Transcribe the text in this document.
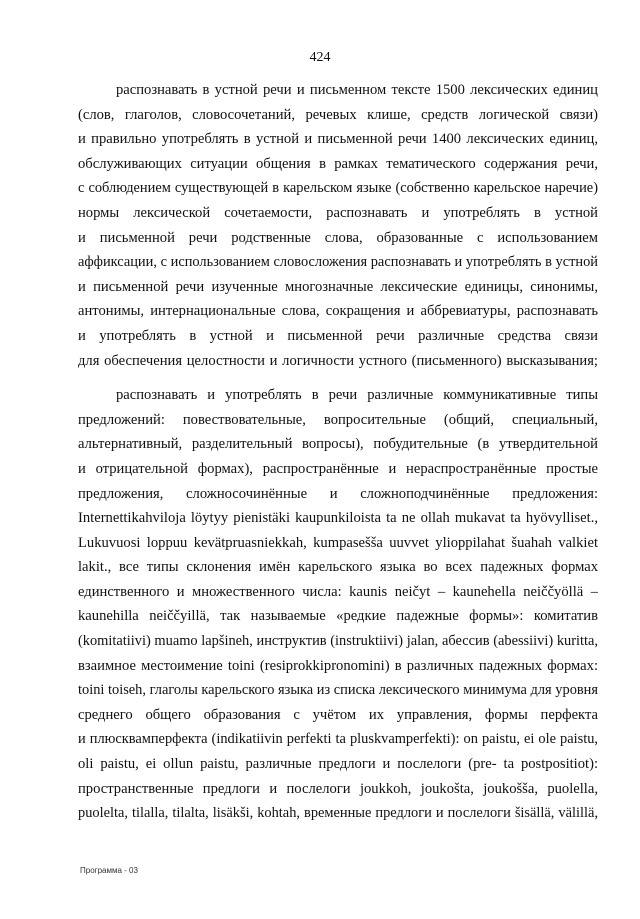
424
распознавать в устной речи и письменном тексте 1500 лексических единиц
(слов, глаголов, словосочетаний, речевых клише, средств логической связи)
и правильно употреблять в устной и письменной речи 1400 лексических единиц,
обслуживающих ситуации общения в рамках тематического содержания речи,
с соблюдением существующей в карельском языке (собственно карельское наречие)
нормы лексической сочетаемости, распознавать и употреблять в устной
и письменной речи родственные слова, образованные с использованием
аффиксации, с использованием словосложения распознавать и употреблять в устной
и письменной речи изученные многозначные лексические единицы, синонимы,
антонимы, интернациональные слова, сокращения и аббревиатуры, распознавать
и употреблять в устной и письменной речи различные средства связи
для обеспечения целостности и логичности устного (письменного) высказывания;
распознавать и употреблять в речи различные коммуникативные типы
предложений: повествовательные, вопросительные (общий, специальный,
альтернативный, разделительный вопросы), побудительные (в утвердительной
и отрицательной формах), распространённые и нераспространённые простые
предложения, сложносочинённые и сложноподчинённые предложения:
Internettikahviloja löytyy pienistäki kaupunkiloista ta ne ollah mukavat ta hyövylliset.,
Lukuvuosi loppuu kevätpruasniekkah, kumpasešša uuvvet ylioppilahat šuahah valkiet
lakit., все типы склонения имён карельского языка во всех падежных формах
единственного и множественного числа: kaunis neičyt – kaunehella neiččyöllä –
kaunehilla neiččyillä, так называемые «редкие падежные формы»: комитатив
(komitatiivi) muamo lapšineh, инструктив (instruktiivi) jalan, абессив (abessiivi) kuritta,
взаимное местоимение toini (resiprokkipronomini) в различных падежных формах:
toini toiseh, глаголы карельского языка из списка лексического минимума для уровня
среднего общего образования с учётом их управления, формы перфекта
и плюсквамперфекта (indikatiivin perfekti ta pluskvamperfekti): on paistu, ei ole paistu,
oli paistu, ei ollun paistu, различные предлоги и послелоги (pre- ta postpositiot):
пространственные предлоги и послелоги joukkoh, joukošta, joukošša, puolella,
puolelta, tilalla, tilalta, lisäkši, kohtah, временные предлоги и послелоги šisällä, välillä,
Программа - 03
